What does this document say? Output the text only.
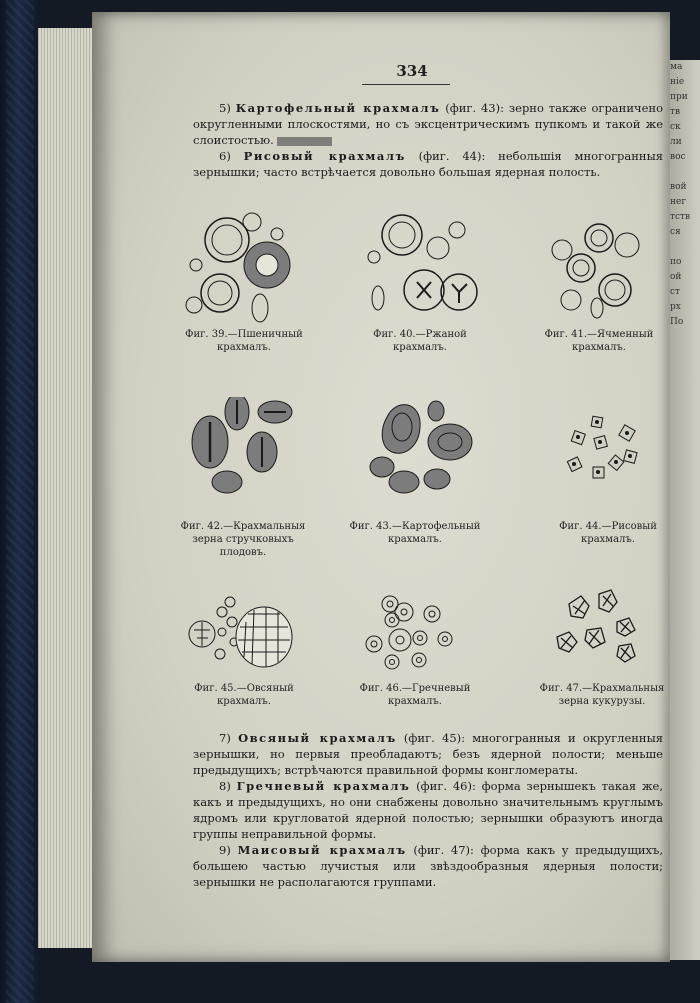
ма
нiе
при
тв
ск
ли
вос

вой
нег
тств
ся

по
ой
ст
рх
По
334

5) Картофельный крахмалъ (фиг. 43): зерно также ограничено округленными плоскостями, но съ эксцентрическимъ пупкомъ и такой же слоистостью.

6) Рисовый крахмалъ (фиг. 44): небольшiя многогранныя зернышки; часто встрѣчается довольно большая ядерная полость.

Фиг. 39.—Пшеничный крахмалъ.
Фиг. 40.—Ржаной крахмалъ.
Фиг. 41.—Ячменный крахмалъ.
Фиг. 42.—Крахмальныя зерна стручковыхъ плодовъ.
Фиг. 43.—Картофельный крахмалъ.
Фиг. 44.—Рисовый крахмалъ.
Фиг. 45.—Овсяный крахмалъ.
Фиг. 46.—Гречневый крахмалъ.
Фиг. 47.—Крахмальныя зерна кукурузы.

7) Овсяный крахмалъ (фиг. 45): многогранныя и округленныя зернышки, но первыя преобладаютъ; безъ ядерной полости; меньше предыдущихъ; встрѣчаются правильной формы конгломераты.

8) Гречневый крахмалъ (фиг. 46): форма зернышекъ такая же, какъ и предыдущихъ, но они снабжены довольно значительнымъ круглымъ ядромъ или кругловатой ядерной полостью; зернышки образуютъ иногда группы неправильной формы.

9) Маисовый крахмалъ (фиг. 47): форма какъ у предыдущихъ, большею частью лучистыя или звѣздообразныя ядерныя полости; зернышки не располагаются группами.
